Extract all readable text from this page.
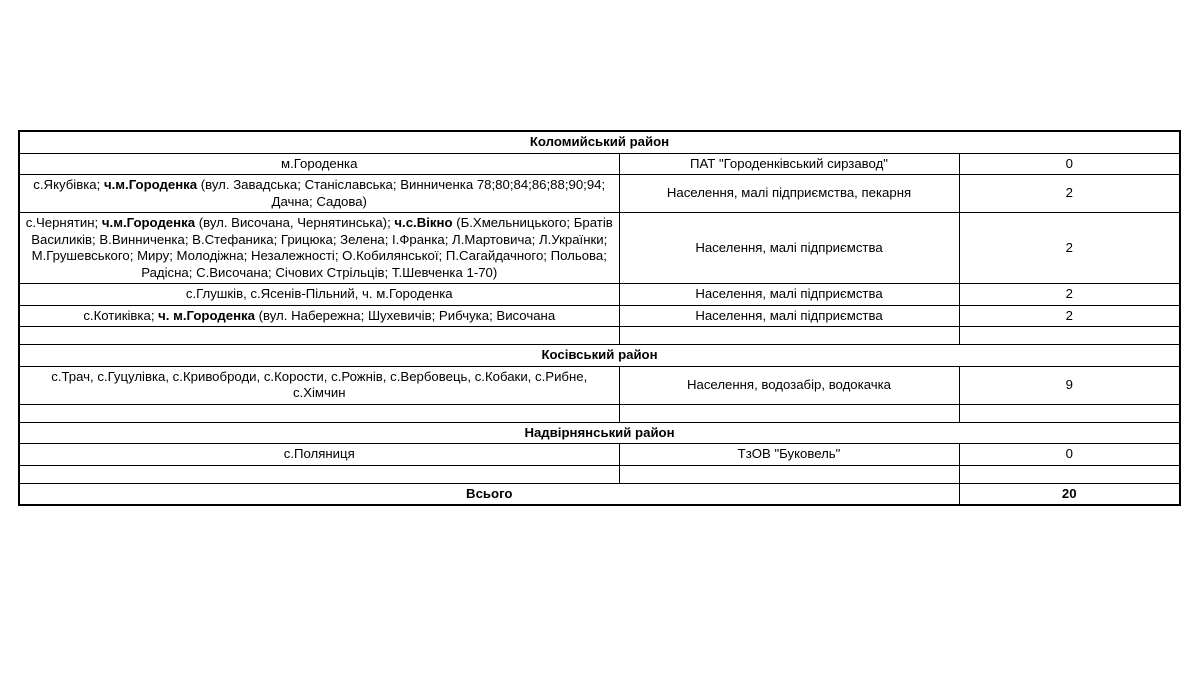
Коломийський район		
м.Городенка	ПАТ "Городенківський сирзавод"	0
с.Якубівка; ч.м.Городенка (вул. Завадська; Станіславська; Винниченка 78;80;84;86;88;90;94; Дачна; Садова)	Населення, малі підприємства, пекарня	2
с.Чернятин; ч.м.Городенка (вул. Височана, Чернятинська); ч.с.Вікно (Б.Хмельницького; Братів Василиків; В.Винниченка; В.Стефаника; Грицюка; Зелена; І.Франка; Л.Мартовича; Л.Українки; М.Грушевського; Миру; Молодіжна; Незалежності; О.Кобилянської; П.Сагайдачного; Польова; Радісна; С.Височана; Січових Стрільців; Т.Шевченка 1-70)	Населення, малі підприємства	2
с.Глушків, с.Ясенів-Пільний, ч. м.Городенка	Населення, малі підприємства	2
с.Котиківка; ч. м.Городенка (вул. Набережна; Шухевичів; Рибчука; Височана	Населення, малі підприємства	2

Косівський район		
с.Трач, с.Гуцулівка, с.Кривоброди, с.Корости, с.Рожнів, с.Вербовець, с.Кобаки, с.Рибне, с.Хімчин	Населення, водозабір, водокачка	9

Надвірнянський район		
с.Поляниця	ТзОВ "Буковель"	0

Всього		20
